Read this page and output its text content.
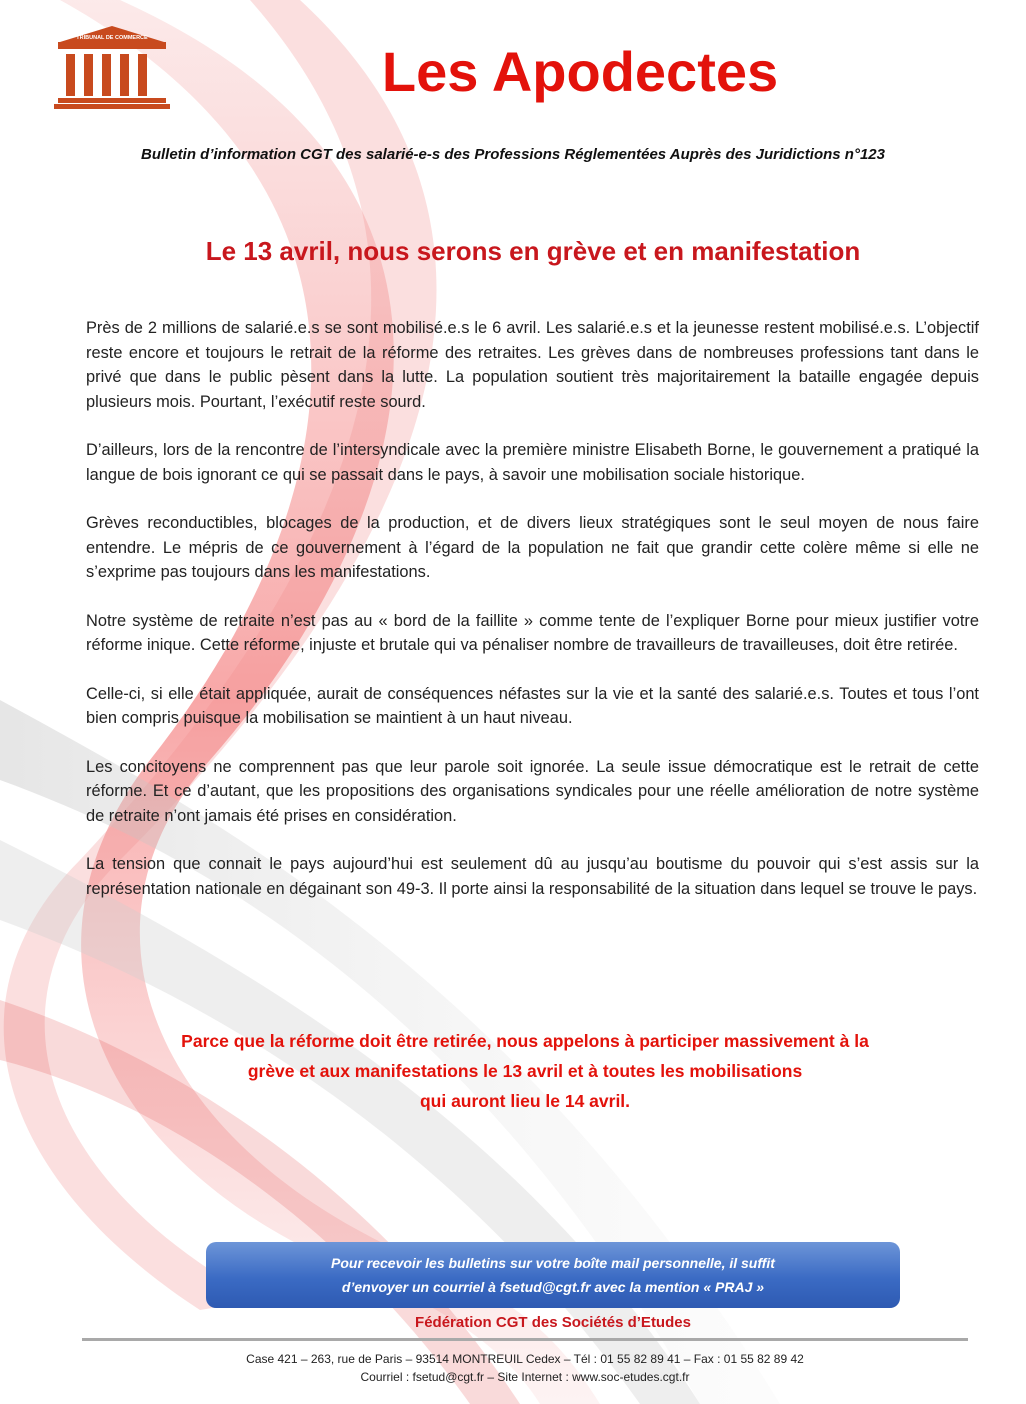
TRIBUNAL DE COMMERCE
Les Apodectes
Bulletin d’information CGT des salarié-e-s des Professions Réglementées Auprès des Juridictions n°123
Le 13 avril, nous serons en grève et en manifestation

Près de 2 millions de salarié.e.s se sont mobilisé.e.s le 6 avril. Les salarié.e.s et la jeunesse restent mobilisé.e.s. L’objectif reste encore et toujours le retrait de la réforme des retraites. Les grèves dans de nombreuses professions tant dans le privé que dans le public pèsent dans la lutte. La population soutient très majoritairement la bataille engagée depuis plusieurs mois. Pourtant, l’exécutif reste sourd.

D’ailleurs, lors de la rencontre de l’intersyndicale avec la première ministre Elisabeth Borne, le gouvernement a pratiqué la langue de bois ignorant ce qui se passait dans le pays, à savoir une mobilisation sociale historique.

Grèves reconductibles, blocages de la production, et de divers lieux stratégiques sont le seul moyen de nous faire entendre. Le mépris de ce gouvernement à l’égard de la population ne fait que grandir cette colère même si elle ne s’exprime pas toujours dans les manifestations.

Notre système de retraite n’est pas au « bord de la faillite » comme tente de l’expliquer Borne pour mieux justifier votre réforme inique. Cette réforme, injuste et brutale qui va pénaliser nombre de travailleurs de travailleuses, doit être retirée.

Celle-ci, si elle était appliquée, aurait de conséquences néfastes sur la vie et la santé des salarié.e.s. Toutes et tous l’ont bien compris puisque la mobilisation se maintient à un haut niveau.

Les concitoyens ne comprennent pas que leur parole soit ignorée. La seule issue démocratique est le retrait de cette réforme. Et ce d’autant, que les propositions des organisations syndicales pour une réelle amélioration de notre système de retraite n’ont jamais été prises en considération.

La tension que connait le pays aujourd’hui est seulement dû au jusqu’au boutisme du pouvoir qui s’est assis sur la représentation nationale en dégainant son 49-3. Il porte ainsi la responsabilité de la situation dans lequel se trouve le pays.

Parce que la réforme doit être retirée, nous appelons à participer massivement à la
grève et aux manifestations le 13 avril et à toutes les mobilisations
qui auront lieu le 14 avril.
Pour recevoir les bulletins sur votre boîte mail personnelle, il suffit
d’envoyer un courriel à fsetud@cgt.fr avec la mention « PRAJ »
Fédération CGT des Sociétés d’Etudes
Case 421 – 263, rue de Paris – 93514 MONTREUIL Cedex – Tél : 01 55 82 89 41 – Fax : 01 55 82 89 42
Courriel : fsetud@cgt.fr – Site Internet : www.soc-etudes.cgt.fr
